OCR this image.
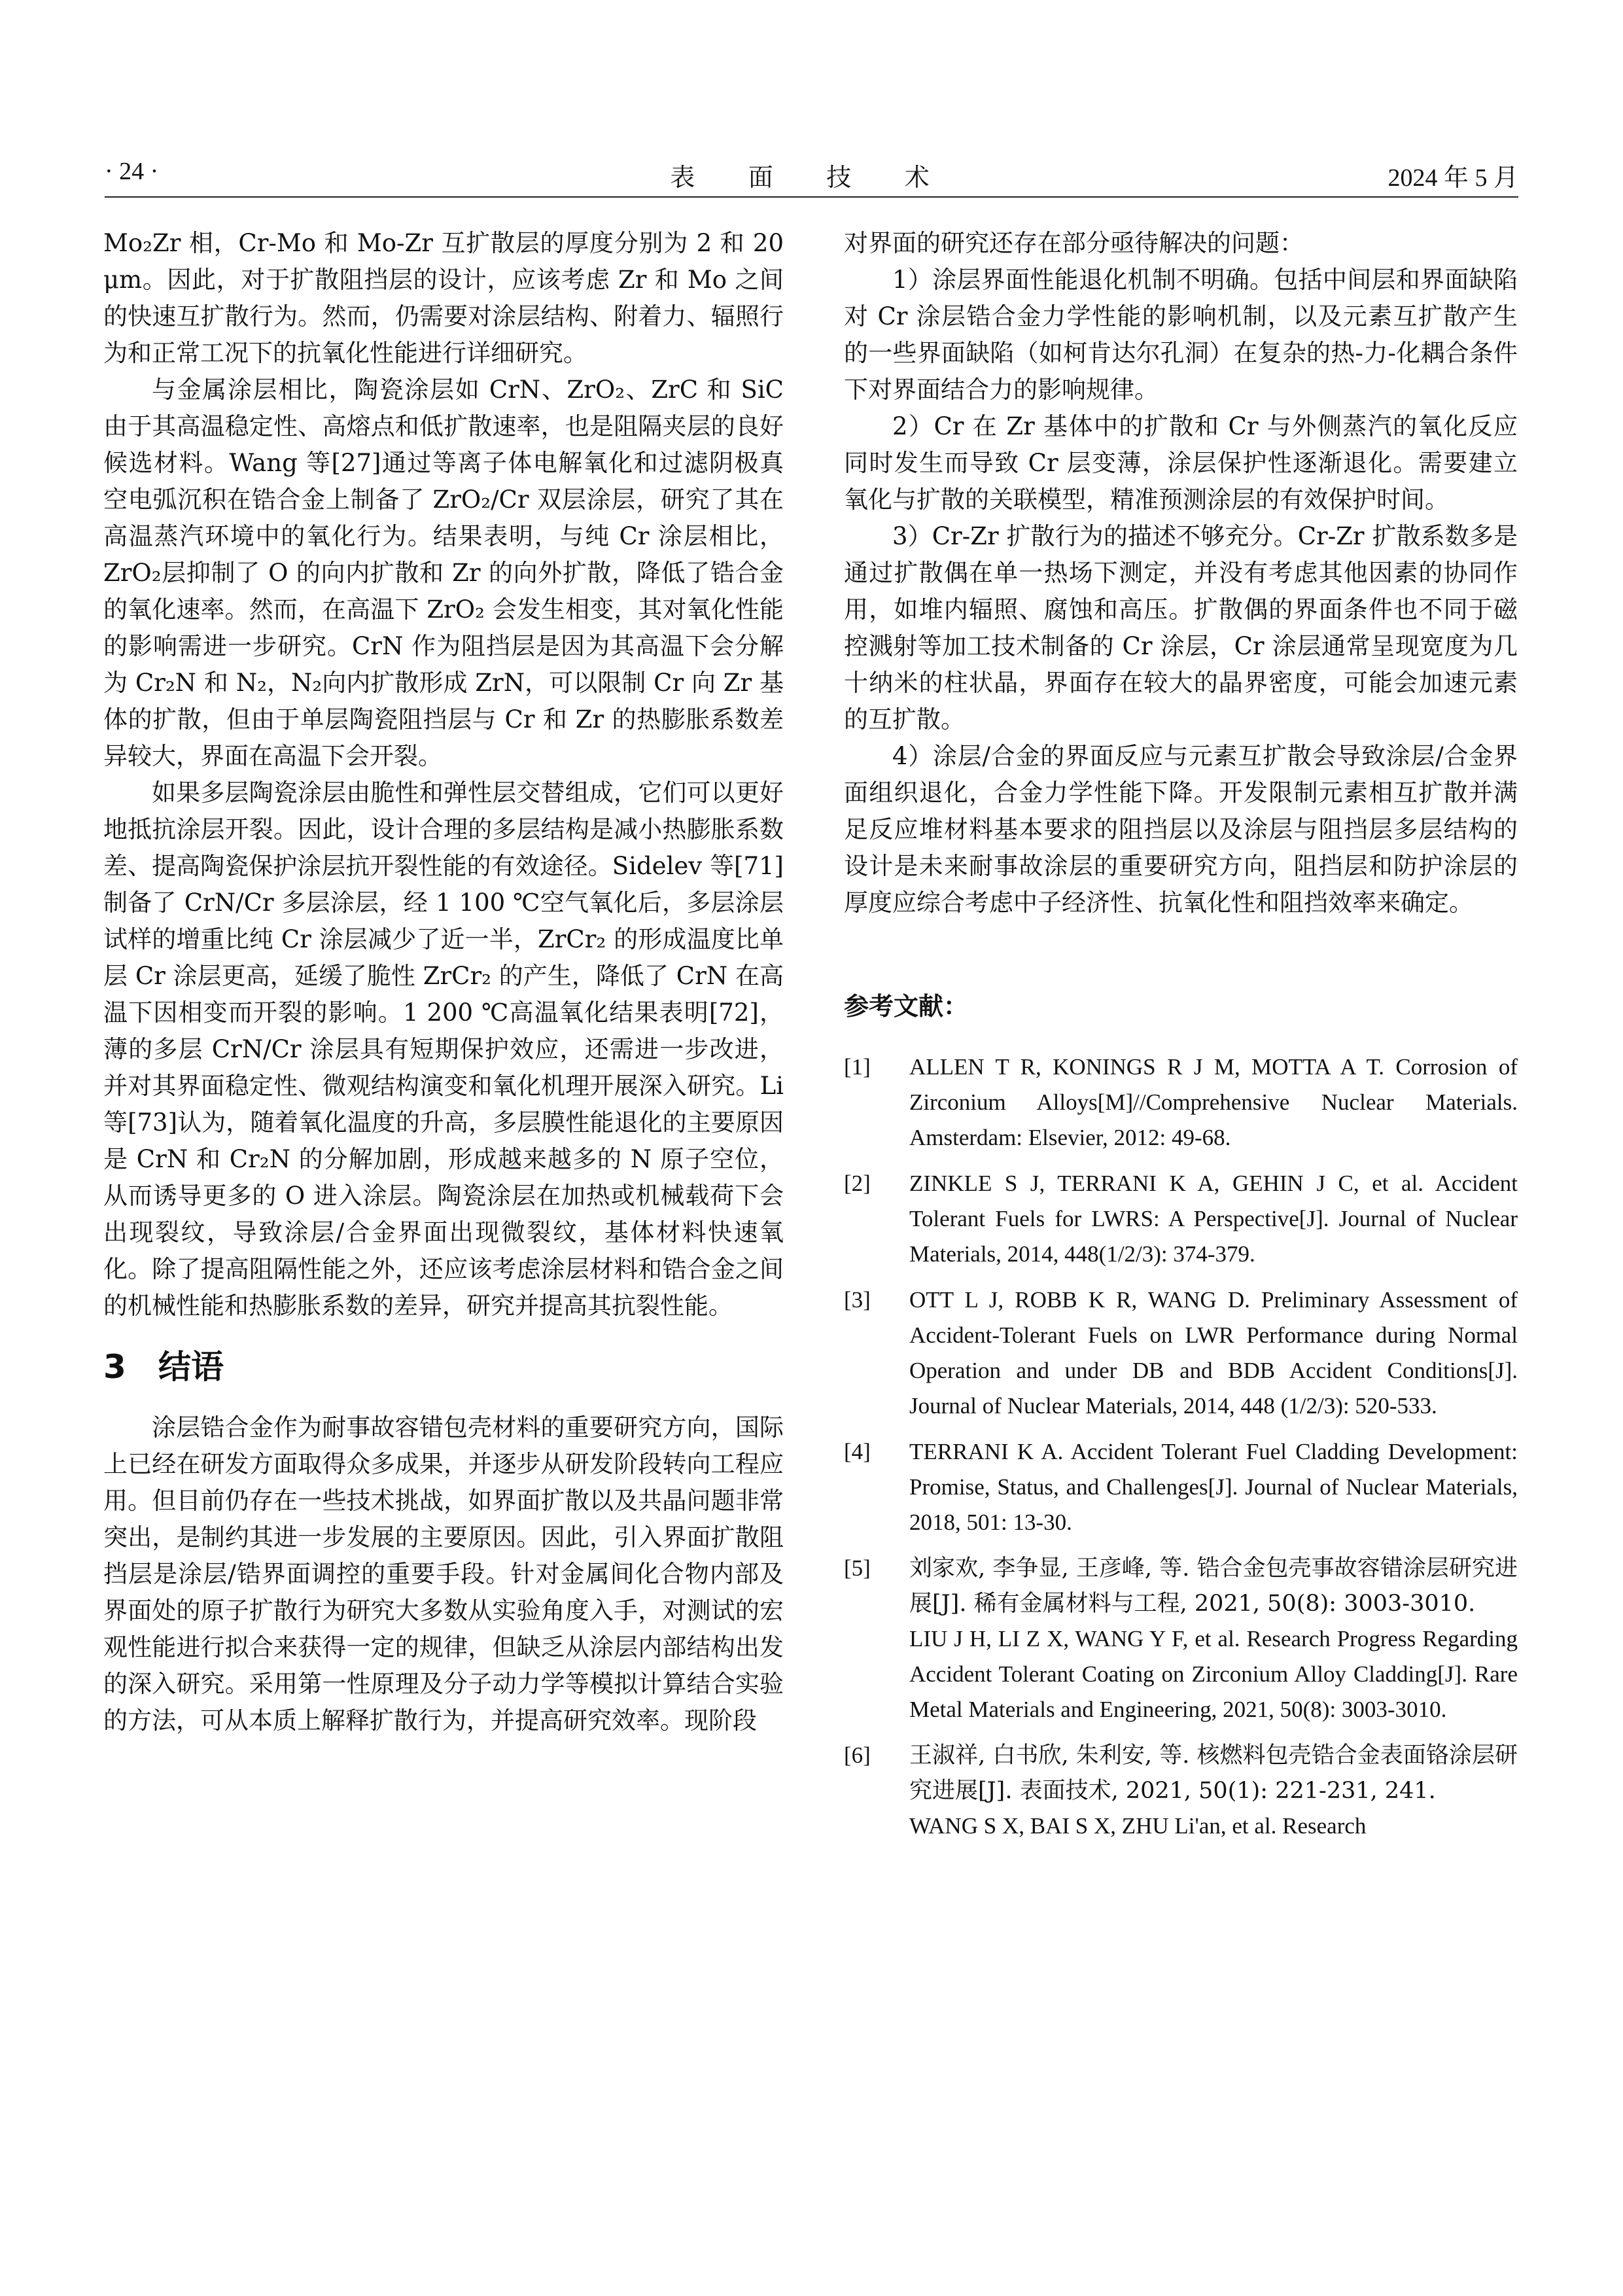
· 24 ·	表 面 技 术	2024 年 5 月

Mo₂Zr 相，Cr-Mo 和 Mo-Zr 互扩散层的厚度分别为 2 和 20 μm。因此，对于扩散阻挡层的设计，应该考虑 Zr 和 Mo 之间的快速互扩散行为。然而，仍需要对涂层结构、附着力、辐照行为和正常工况下的抗氧化性能进行详细研究。

与金属涂层相比，陶瓷涂层如 CrN、ZrO₂、ZrC 和 SiC 由于其高温稳定性、高熔点和低扩散速率，也是阻隔夹层的良好候选材料。Wang 等[27]通过等离子体电解氧化和过滤阴极真空电弧沉积在锆合金上制备了 ZrO₂/Cr 双层涂层，研究了其在高温蒸汽环境中的氧化行为。结果表明，与纯 Cr 涂层相比，ZrO₂层抑制了 O 的向内扩散和 Zr 的向外扩散，降低了锆合金的氧化速率。然而，在高温下 ZrO₂ 会发生相变，其对氧化性能的影响需进一步研究。CrN 作为阻挡层是因为其高温下会分解为 Cr₂N 和 N₂，N₂向内扩散形成 ZrN，可以限制 Cr 向 Zr 基体的扩散，但由于单层陶瓷阻挡层与 Cr 和 Zr 的热膨胀系数差异较大，界面在高温下会开裂。

如果多层陶瓷涂层由脆性和弹性层交替组成，它们可以更好地抵抗涂层开裂。因此，设计合理的多层结构是减小热膨胀系数差、提高陶瓷保护涂层抗开裂性能的有效途径。Sidelev 等[71]制备了 CrN/Cr 多层涂层，经 1 100 ℃空气氧化后，多层涂层试样的增重比纯 Cr 涂层减少了近一半，ZrCr₂ 的形成温度比单层 Cr 涂层更高，延缓了脆性 ZrCr₂ 的产生，降低了 CrN 在高温下因相变而开裂的影响。1 200 ℃高温氧化结果表明[72]，薄的多层 CrN/Cr 涂层具有短期保护效应，还需进一步改进，并对其界面稳定性、微观结构演变和氧化机理开展深入研究。Li 等[73]认为，随着氧化温度的升高，多层膜性能退化的主要原因是 CrN 和 Cr₂N 的分解加剧，形成越来越多的 N 原子空位，从而诱导更多的 O 进入涂层。陶瓷涂层在加热或机械载荷下会出现裂纹，导致涂层/合金界面出现微裂纹，基体材料快速氧化。除了提高阻隔性能之外，还应该考虑涂层材料和锆合金之间的机械性能和热膨胀系数的差异，研究并提高其抗裂性能。

3 结语

涂层锆合金作为耐事故容错包壳材料的重要研究方向，国际上已经在研发方面取得众多成果，并逐步从研发阶段转向工程应用。但目前仍存在一些技术挑战，如界面扩散以及共晶问题非常突出，是制约其进一步发展的主要原因。因此，引入界面扩散阻挡层是涂层/锆界面调控的重要手段。针对金属间化合物内部及界面处的原子扩散行为研究大多数从实验角度入手，对测试的宏观性能进行拟合来获得一定的规律，但缺乏从涂层内部结构出发的深入研究。采用第一性原理及分子动力学等模拟计算结合实验的方法，可从本质上解释扩散行为，并提高研究效率。现阶段

对界面的研究还存在部分亟待解决的问题：

1）涂层界面性能退化机制不明确。包括中间层和界面缺陷对 Cr 涂层锆合金力学性能的影响机制，以及元素互扩散产生的一些界面缺陷（如柯肯达尔孔洞）在复杂的热-力-化耦合条件下对界面结合力的影响规律。

2）Cr 在 Zr 基体中的扩散和 Cr 与外侧蒸汽的氧化反应同时发生而导致 Cr 层变薄，涂层保护性逐渐退化。需要建立氧化与扩散的关联模型，精准预测涂层的有效保护时间。

3）Cr-Zr 扩散行为的描述不够充分。Cr-Zr 扩散系数多是通过扩散偶在单一热场下测定，并没有考虑其他因素的协同作用，如堆内辐照、腐蚀和高压。扩散偶的界面条件也不同于磁控溅射等加工技术制备的 Cr 涂层，Cr 涂层通常呈现宽度为几十纳米的柱状晶，界面存在较大的晶界密度，可能会加速元素的互扩散。

4）涂层/合金的界面反应与元素互扩散会导致涂层/合金界面组织退化，合金力学性能下降。开发限制元素相互扩散并满足反应堆材料基本要求的阻挡层以及涂层与阻挡层多层结构的设计是未来耐事故涂层的重要研究方向，阻挡层和防护涂层的厚度应综合考虑中子经济性、抗氧化性和阻挡效率来确定。

参考文献：
[1]	ALLEN T R, KONINGS R J M, MOTTA A T. Corrosion of Zirconium Alloys[M]//Comprehensive Nuclear Materials. Amsterdam: Elsevier, 2012: 49-68.
[2]	ZINKLE S J, TERRANI K A, GEHIN J C, et al. Accident Tolerant Fuels for LWRS: A Perspective[J]. Journal of Nuclear Materials, 2014, 448(1/2/3): 374-379.
[3]	OTT L J, ROBB K R, WANG D. Preliminary Assessment of Accident-Tolerant Fuels on LWR Performance during Normal Operation and under DB and BDB Accident Conditions[J]. Journal of Nuclear Materials, 2014, 448 (1/2/3): 520-533.
[4]	TERRANI K A. Accident Tolerant Fuel Cladding Development: Promise, Status, and Challenges[J]. Journal of Nuclear Materials, 2018, 501: 13-30.
[5]	刘家欢, 李争显, 王彦峰, 等. 锆合金包壳事故容错涂层研究进展[J]. 稀有金属材料与工程, 2021, 50(8): 3003-3010.
LIU J H, LI Z X, WANG Y F, et al. Research Progress Regarding Accident Tolerant Coating on Zirconium Alloy Cladding[J]. Rare Metal Materials and Engineering, 2021, 50(8): 3003-3010.
[6]	王淑祥, 白书欣, 朱利安, 等. 核燃料包壳锆合金表面铬涂层研究进展[J]. 表面技术, 2021, 50(1): 221-231, 241.
WANG S X, BAI S X, ZHU Li'an, et al. Research
